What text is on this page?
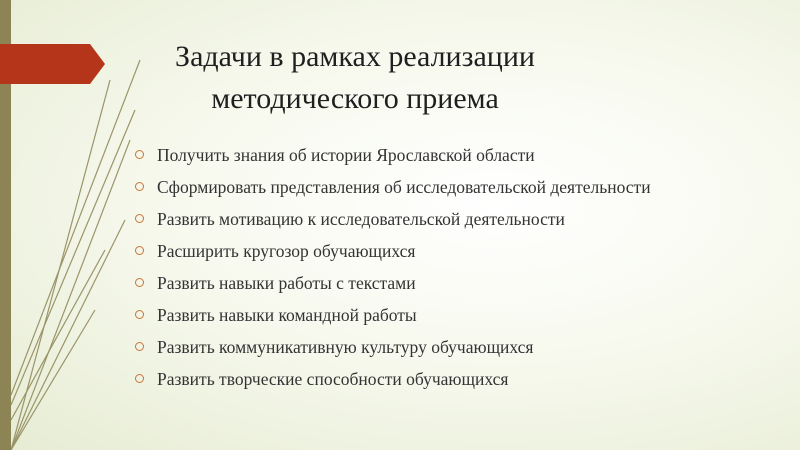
Задачи в рамках реализации
методического приема
Получить знания об истории Ярославской области
Сформировать представления об исследовательской деятельности
Развить мотивацию к исследовательской деятельности
Расширить кругозор обучающихся
Развить навыки работы с текстами
Развить навыки командной работы
Развить коммуникативную культуру обучающихся
Развить творческие способности обучающихся
